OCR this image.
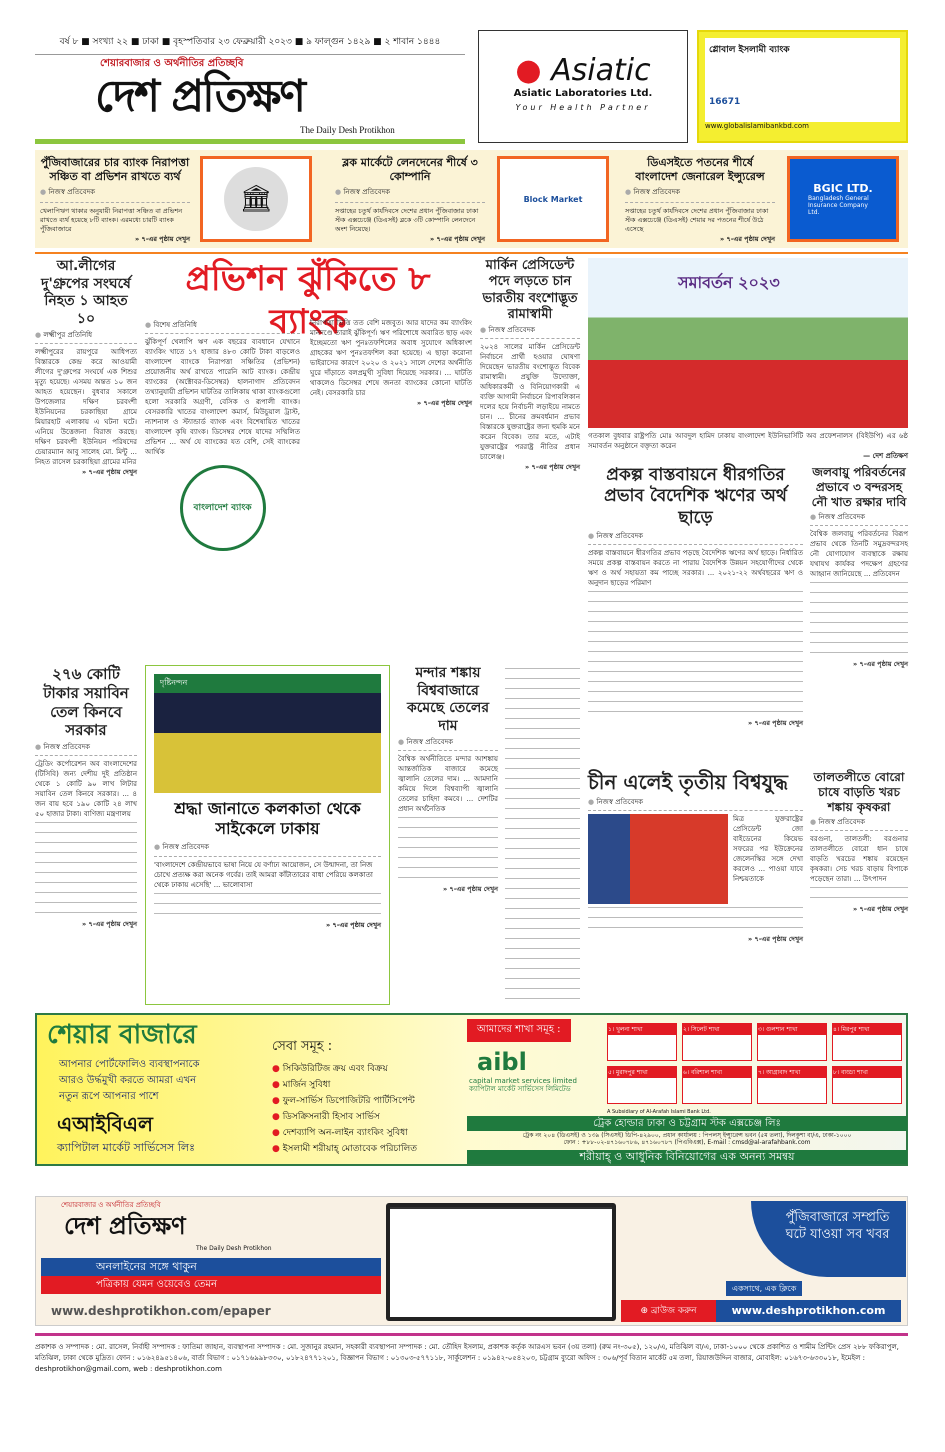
বর্ষ ৮ ■ সংখ্যা ২২ ■ ঢাকা ■ বৃহস্পতিবার ২৩ ফেব্রুয়ারী ২০২৩ ■ ৯ ফাল্গুন ১৪২৯ ■ ২ শাবান ১৪৪৪
শেয়ারবাজার ও অর্থনীতির প্রতিচ্ছবি
দেশ প্রতিক্ষণ
The Daily Desh Protikhon
● Asiatic
Asiatic Laboratories Ltd.
Your Health Partner
গ্লোবাল ইসলামী ব্যাংক
16671
www.globalislamibankbd.com
পুঁজিবাজারের চার ব্যাংক নিরাপত্তা সঞ্চিত বা প্রভিশন রাখতে ব্যর্থ
● নিজস্ব প্রতিবেদক

খেলাপিঋণ থাকার অনুযায়ী নিরাপত্তা সঞ্চিত বা প্রভিশন রাখতে ব্যর্থ হয়েছে ৮টি ব্যাংক। এরমধ্যে চারটি ব্যাংক পুঁজিবাজারে

» ৭-এর পৃষ্ঠায় দেখুন
🏛
ব্লক মার্কেটে লেনদেনের শীর্ষে ৩ কোম্পানি
● নিজস্ব প্রতিবেদক

সপ্তাহের চতুর্থ কার্যদিবসে দেশের প্রধান পুঁজিবাজার ঢাকা স্টক এক্সচেঞ্জে (ডিএসই) ব্লকে ৩টি কোম্পানি লেনদেনে অংশ নিয়েছে।

» ৭-এর পৃষ্ঠায় দেখুন
Block Market
ডিএসইতে পতনের শীর্ষে বাংলাদেশ জেনারেল ইন্স্যুরেন্স
● নিজস্ব প্রতিবেদক

সপ্তাহের চতুর্থ কার্যদিবসে দেশের প্রধান পুঁজিবাজার ঢাকা স্টক এক্সচেঞ্জে (ডিএসই) শেয়ার দর পতনের শীর্ষে উঠে এসেছে

» ৭-এর পৃষ্ঠায় দেখুন
BGIC LTD.
Bangladesh General Insurance Company Ltd.
আ.লীগের দু'গ্রুপের সংঘর্ষে নিহত ১ আহত ১০
● লক্ষ্মীপুর প্রতিনিধি
লক্ষ্মীপুরের রায়পুরে আধিপত্য বিস্তারকে কেন্দ্র করে আওয়ামী লীগের দু'গ্রুপের সংঘর্ষে এক শিশুর মৃত্যু হয়েছে। এসময় অন্তত ১০ জন আহত হয়েছেন। বুধবার সকালে উপজেলার দক্ষিণ চরবংশী ইউনিয়নের চরকাছিয়া গ্রামে মিয়ারহাট এলাকায় এ ঘটনা ঘটে। এনিয়ে উত্তেজনা বিরাজ করছে। দক্ষিণ চরবংশী ইউনিয়ন পরিষদের চেয়ারম্যান আবু সালেহ মো. মিন্টু ... নিহত রাসেল চরকাছিয়া গ্রামের মনির
» ৭-এর পৃষ্ঠায় দেখুন
প্রভিশন ঝুঁকিতে ৮ ব্যাংক
● বিশেষ প্রতিনিধি
ঝুঁকিপূর্ণ খেলাপি ঋণ এক বছরের ব্যবধানে যেখানে ব্যাংকিং খাতে ১৭ হাজার ৪৮৩ কোটি টাকা বাড়লেও বাংলাদেশ ব্যাংকে নিরাপত্তা সঞ্চিতির (প্রভিশন) প্রয়োজনীয় অর্থ রাখতে পারেনি আট ব্যাংক। কেন্দ্রীয় ব্যাংকের (অক্টোবর-ডিসেম্বর) হালনাগাদ প্রতিবেদন তথ্যানুযায়ী প্রভিশন ঘাটতির তালিকায় থাকা ব্যাংকগুলো হলো সরকারি অগ্রণী, বেসিক ও রূপালী ব্যাংক। বেসরকারি খাতের বাংলাদেশ কমার্স, মিউচুয়াল ট্রাস্ট, ন্যাশনাল ও স্ট্যান্ডার্ড ব্যাংক এবং বিশেষায়িত খাতের বাংলাদেশ কৃষি ব্যাংক। ডিসেম্বর শেষে যাদের সম্মিলিত প্রভিশন ... অর্থ যে ব্যাংকের যত বেশি, সেই ব্যাংকের আর্থিক
বাংলাদেশ ব্যাংক
নিরাপত্তা ভিত্তি তত বেশি মজবুত। আর যাদের কম ব্যাংকিং মানদণ্ডে তারাই ঝুঁকিপূর্ণ। ঋণ পরিশোধে অবারিত ছাড় এবং ইচ্ছেমতো ঋণ পুনঃতফশিলের অবাধ সুযোগে অধিকাংশ গ্রাহকের ঋণ পুনঃতফশিল করা হয়েছে। এ ছাড়া করোনা ভাইরাসের কারণে ২০২০ ও ২০২১ সালে দেশের অর্থনীতি ঘুরে দাঁড়াতে বলপ্রমুখী সুবিধা দিয়েছে সরকার। ... ঘাটতি থাকলেও ডিসেম্বর শেষে জনতা ব্যাংকের কোনো ঘাটতি নেই। বেসরকারি চার
» ৭-এর পৃষ্ঠায় দেখুন
মার্কিন প্রেসিডেন্ট পদে লড়তে চান ভারতীয় বংশোদ্ভূত রামাস্বামী
● নিজস্ব প্রতিবেদক
২০২৪ সালের মার্কিন প্রেসিডেন্ট নির্বাচনে প্রার্থী হওয়ার ঘোষণা দিয়েছেন ভারতীয় বংশোদ্ভূত বিবেক রামাস্বামী। প্রযুক্তি উদ্যোক্তা, অধিকারকর্মী ও বিনিয়োগকারী এ ব্যক্তি আগামী নির্বাচনে রিপাবলিকান দলের হয়ে নির্বাচনী লড়াইয়ে নামতে চান। ... চীনের ক্রমবর্ধমান প্রভাব বিস্তারকে যুক্তরাষ্ট্রের জন্য হুমকি মনে করেন বিবেক। তার মতে, এটাই যুক্তরাষ্ট্রের পররাষ্ট্র নীতির প্রধান চ্যালেঞ্জ।
» ৭-এর পৃষ্ঠায় দেখুন
সমাবর্তন ২০২৩
গতকাল বুধবার রাষ্ট্রপতি মোঃ আবদুল হামিদ ঢাকায় বাংলাদেশ ইউনিভার্সিটি অব প্রফেশনালস (বিইউপি) এর ৬ষ্ঠ সমাবর্তন অনুষ্ঠানে বক্তৃতা করেন
— দেশ প্রতিক্ষণ
প্রকল্প বাস্তবায়নে ধীরগতির প্রভাব বৈদেশিক ঋণের অর্থ ছাড়ে
● নিজস্ব প্রতিবেদক
প্রকল্প বাস্তবায়নে ধীরগতির প্রভাব পড়ছে বৈদেশিক ঋণের অর্থ ছাড়ে। নির্ধারিত সময়ে প্রকল্প বাস্তবায়ন করতে না পারায় বৈদেশিক উন্নয়ন সহযোগীদের থেকে ঋণ ও অর্থ সহায়তা কম পাচ্ছে সরকার। ... ২০২১-২২ অর্থবছরের ঋণ ও অনুদান ছাড়ের পরিমাণ
» ৭-এর পৃষ্ঠায় দেখুন
জলবায়ু পরিবর্তনের প্রভাবে ৩ বন্দরসহ নৌ খাত রক্ষার দাবি
● নিজস্ব প্রতিবেদক
বৈশ্বিক জলবায়ু পরিবর্তনের বিরূপ প্রভাব থেকে তিনটি সমুদ্রবন্দরসহ নৌ যোগাযোগ ব্যবস্থাকে রক্ষায় যথাযথ কার্যকর পদক্ষেপ গ্রহণের আহ্বান জানিয়েছে ... প্রতিবেদন
» ৭-এর পৃষ্ঠায় দেখুন
২৭৬ কোটি টাকার সয়াবিন তেল কিনবে সরকার
● নিজস্ব প্রতিবেদক
ট্রেডিং কর্পোরেশন অব বাংলাদেশের (টিসিবি) জন্য দেশীয় দুই প্রতিষ্ঠান থেকে ১ কোটি ৯০ লাখ লিটার সয়াবিন তেল কিনবে সরকার। ... ৪ জন বায় হবে ১৯০ কোটি ২৪ লাখ ৫০ হাজার টাকা। বাণিজ্য মন্ত্রণালয়
» ৭-এর পৃষ্ঠায় দেখুন
দৃষ্টিনন্দন
শ্রদ্ধা জানাতে কলকাতা থেকে সাইকেলে ঢাকায়
● নিজস্ব প্রতিবেদক
'বাংলাদেশে কেন্দ্রীয়ভাবে ভাষা নিয়ে যে বর্ণাঢ্য আয়োজন, সে উন্মাদনা, তা নিজ চোখে প্রত্যক্ষ করা অনেক গর্বের। তাই আমরা কাঁটাতারের বাধা পেরিয়ে কলকাতা থেকে ঢাকায় এসেছি' ... ভালোবাসা
» ৭-এর পৃষ্ঠায় দেখুন
মন্দার শঙ্কায় বিশ্ববাজারে কমেছে তেলের দাম
● নিজস্ব প্রতিবেদক
বৈশ্বিক অর্থনীতিতে মন্দার আশঙ্কায় আন্তর্জাতিক বাজারে কমেছে জ্বালানি তেলের দাম। ... আমদানি কমিয়ে দিলে বিশ্বব্যাপী জ্বালানি তেলের চাহিদা কমবে। ... দেশটির প্রধান অর্থনৈতিক
» ৭-এর পৃষ্ঠায় দেখুন
চীন এলেই তৃতীয় বিশ্বযুদ্ধ
● নিজস্ব প্রতিবেদক
মিত্র যুক্তরাষ্ট্রের প্রেসিডেন্ট জো বাইডেনের কিয়েভ সফরের পর ইউক্রেনের জেলেনস্কির সঙ্গে দেখা করলেও ... পাওয়া যাবে নিশ্চয়তাকে
» ৭-এর পৃষ্ঠায় দেখুন
তালতলীতে বোরো চাষে বাড়তি খরচ শঙ্কায় কৃষকরা
● নিজস্ব প্রতিবেদক
বরগুনা, তালতলী: বরগুনার তালতলীতে বোরো ধান চাষে বাড়তি খরচের শঙ্কায় রয়েছেন কৃষকরা। সেচ খরচ বাড়ায় বিপাকে পড়েছেন তারা। ... উৎপাদন
» ৭-এর পৃষ্ঠায় দেখুন
শেয়ার বাজারে
আপনার পোর্টফোলিও ব্যবস্থাপনাকে
আরও উর্দ্ধমুখী করতে আমরা এখন
নতুন রূপে আপনার পাশে
এআইবিএল
ক্যাপিটাল মার্কেট সার্ভিসেস লিঃ
সেবা সমূহ :
● সিকিউরিটিজ ক্রয় এবং বিক্রয়
● মার্জিন সুবিধা
● ফুল-সার্ভিস ডিপোজিটরি পার্টিসিপেন্ট
● ডিসক্রিসনারী হিসাব সার্ভিস
● দেশব্যাপি অন-লাইন ব্যাংকিং সুবিধা
● ইসলামী শরীয়াহ্ মোতাবেক পরিচালিত
আমাদের শাখা সমূহ :
aibl
capital market services limited
ক্যাপিটাল মার্কেট সার্ভিসেস লিমিটেড
১। খুলনা শাখা	২। সিলেট শাখা	৩। গুলশান শাখা	৪। মিরপুর শাখা
৫। মুরাদপুর শাখা	৬। বরিশাল শাখা	৭। আগ্রাবাদ শাখা	৮। বাড্ডা শাখা
A Subsidiary of Al-Arafah Islami Bank Ltd.
ট্রেক হোল্ডার ঢাকা ও চট্টগ্রাম স্টক এক্সচেঞ্জ লিঃ
ট্রেক নং ২০৪ (ডিএসই) ও ১৩৯ (সিএসই) ডিপি-৪২৯০০, প্রধান কার্যালয় : পিপলস্ ইন্স্যুরেন্স ভবন (৫ম তলা), দিলকুশা বা/এ, ঢাকা-১০০০
ফোন : +৮৮-০২-৪৭১৬০৭৮৬, ৪৭১৬০৭৮৭ (পিএবিএক্স), E-mail : cmsd@al-arafahbank.com
শরীয়াহ্ ও আধুনিক বিনিয়োগের এক অনন্য সমন্বয়
শেয়ারবাজার ও অর্থনীতির প্রতিচ্ছবি
দেশ প্রতিক্ষণ
The Daily Desh Protikhon
অনলাইনের সঙ্গে থাকুন
পত্রিকায় যেমন ওয়েবেও তেমন
www.deshprotikhon.com/epaper
পুঁজিবাজারে সম্প্রতি ঘটে যাওয়া সব খবর
একসাথে, এক ক্লিকে
⊕ ব্রাউজ করুন	www.deshprotikhon.com
প্রকাশক ও সম্পাদক : মো. রাসেল, নির্বাহী সম্পাদক : ফাতিমা জাহান, ব্যবস্থাপনা সম্পাদক : মো. সুজানুর রহমান, সহকারী ব্যবস্থাপনা সম্পাদক : মো. তৌহিদ ইসলাম, প্রকাশক কর্তৃক আরএস ভবন (৩য় তলা) (রুম নং-৩০৫), ১২০/এ, মতিঝিল বা/এ, ঢাকা-১০০০ থেকে প্রকাশিত ও শামীম প্রিন্টিং প্রেস ২৮৮ ফকিরাপুল, মতিঝিল, ঢাকা থেকে মুদ্রিত। ফোন : ০১৬২৪৯৫১৪০৬, বার্তা বিভাগ : ০১৭১৬৯৯৮৩৩০, ০১৮২৪৭৭১২০১, বিজ্ঞাপন বিভাগ : ০১৩০৩-৫৭৭১১৮, সার্কুলেশন : ০১৯৪২-০৫৪২০৩, চট্টগ্রাম ব্যুরো অফিস : ৩০৬/পূর্ব বিতান মার্কেট ৫ম তলা, রিয়াজউদ্দিন বাজার, মোবাইল: ০১৬৭৩-৬৩৩০১৮, ইমেইল : deshprotikhon@gmail.com, web : deshprotikhon.com
